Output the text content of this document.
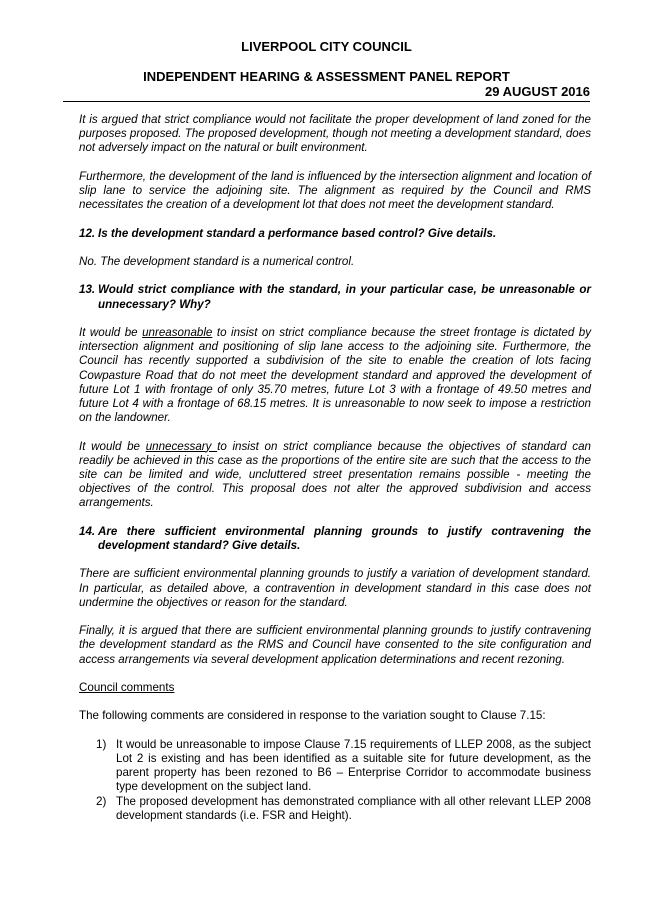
LIVERPOOL CITY COUNCIL
INDEPENDENT HEARING & ASSESSMENT PANEL REPORT
29 AUGUST 2016

It is argued that strict compliance would not facilitate the proper development of land zoned for the purposes proposed. The proposed development, though not meeting a development standard, does not adversely impact on the natural or built environment.

Furthermore, the development of the land is influenced by the intersection alignment and location of slip lane to service the adjoining site. The alignment as required by the Council and RMS necessitates the creation of a development lot that does not meet the development standard.

12. Is the development standard a performance based control? Give details.

No. The development standard is a numerical control.

13. Would strict compliance with the standard, in your particular case, be unreasonable or unnecessary? Why?

It would be unreasonable to insist on strict compliance because the street frontage is dictated by intersection alignment and positioning of slip lane access to the adjoining site. Furthermore, the Council has recently supported a subdivision of the site to enable the creation of lots facing Cowpasture Road that do not meet the development standard and approved the development of future Lot 1 with frontage of only 35.70 metres, future Lot 3 with a frontage of 49.50 metres and future Lot 4 with a frontage of 68.15 metres. It is unreasonable to now seek to impose a restriction on the landowner.

It would be unnecessary to insist on strict compliance because the objectives of standard can readily be achieved in this case as the proportions of the entire site are such that the access to the site can be limited and wide, uncluttered street presentation remains possible - meeting the objectives of the control. This proposal does not alter the approved subdivision and access arrangements.

14. Are there sufficient environmental planning grounds to justify contravening the development standard? Give details.

There are sufficient environmental planning grounds to justify a variation of development standard. In particular, as detailed above, a contravention in development standard in this case does not undermine the objectives or reason for the standard.

Finally, it is argued that there are sufficient environmental planning grounds to justify contravening the development standard as the RMS and Council have consented to the site configuration and access arrangements via several development application determinations and recent rezoning.

Council comments

The following comments are considered in response to the variation sought to Clause 7.15:

1) It would be unreasonable to impose Clause 7.15 requirements of LLEP 2008, as the subject Lot 2 is existing and has been identified as a suitable site for future development, as the parent property has been rezoned to B6 – Enterprise Corridor to accommodate business type development on the subject land.
2) The proposed development has demonstrated compliance with all other relevant LLEP 2008 development standards (i.e. FSR and Height).
